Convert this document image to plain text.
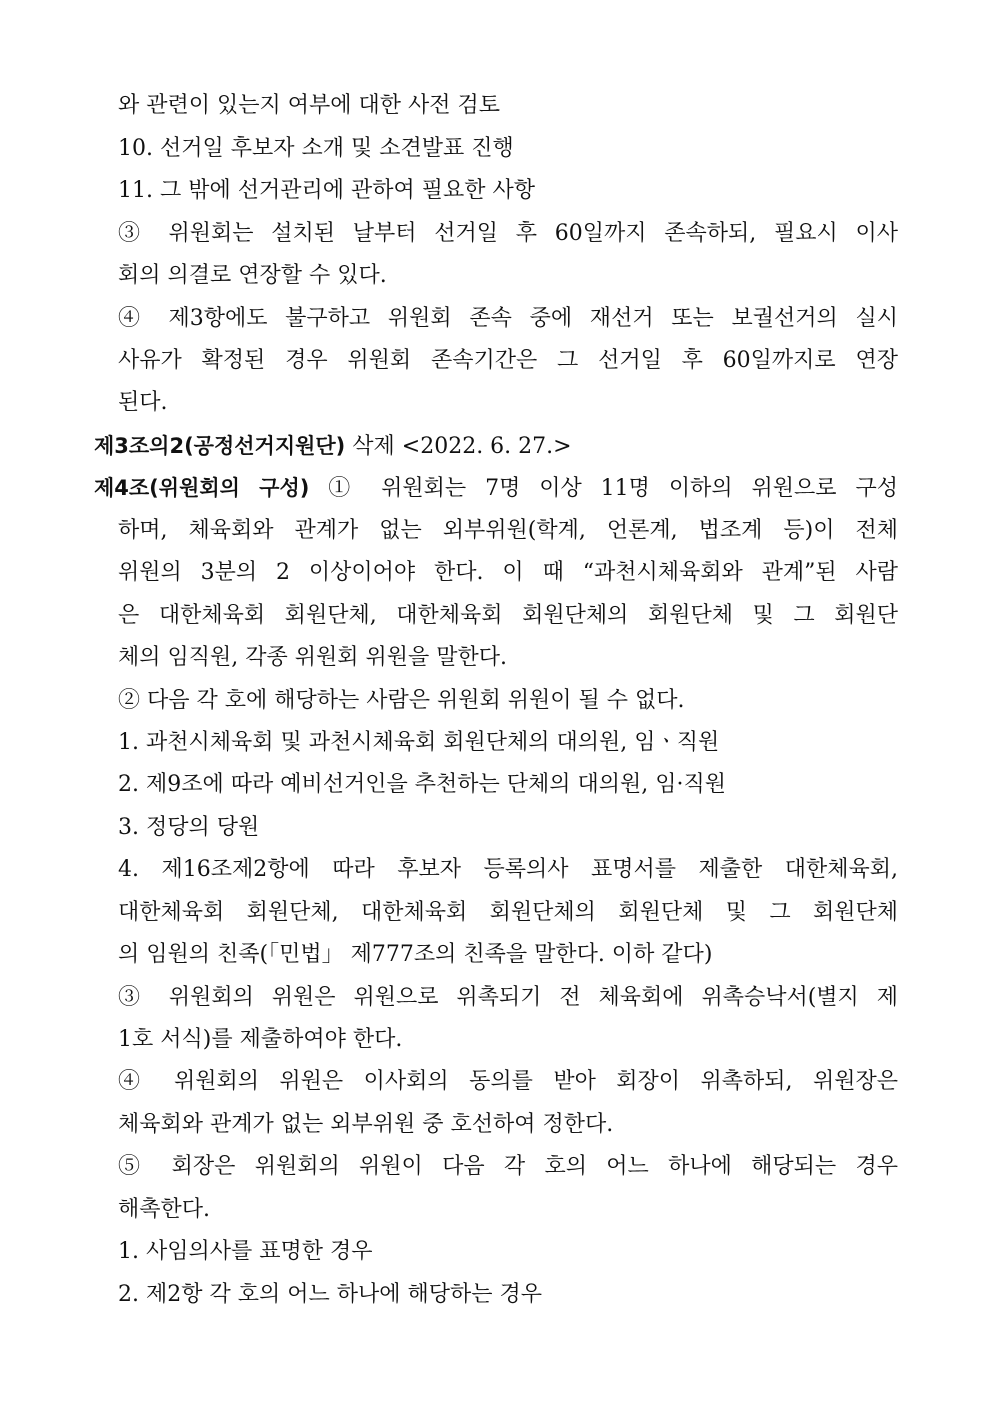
와 관련이 있는지 여부에 대한 사전 검토
10. 선거일 후보자 소개 및 소견발표 진행
11. 그 밖에 선거관리에 관하여 필요한 사항
③ 위원회는 설치된 날부터 선거일 후 60일까지 존속하되, 필요시 이사
회의 의결로 연장할 수 있다.
④ 제3항에도 불구하고 위원회 존속 중에 재선거 또는 보궐선거의 실시
사유가 확정된 경우 위원회 존속기간은 그 선거일 후 60일까지로 연장
된다.
제3조의2(공정선거지원단) 삭제 <2022. 6. 27.>
제4조(위원회의 구성) ① 위원회는 7명 이상 11명 이하의 위원으로 구성
하며, 체육회와 관계가 없는 외부위원(학계, 언론계, 법조계 등)이 전체
위원의 3분의 2 이상이어야 한다. 이 때 “과천시체육회와 관계”된 사람
은 대한체육회 회원단체, 대한체육회 회원단체의 회원단체 및 그 회원단
체의 임직원, 각종 위원회 위원을 말한다.
② 다음 각 호에 해당하는 사람은 위원회 위원이 될 수 없다.
1. 과천시체육회 및 과천시체육회 회원단체의 대의원, 임ㆍ직원
2. 제9조에 따라 예비선거인을 추천하는 단체의 대의원, 임·직원
3. 정당의 당원
4. 제16조제2항에 따라 후보자 등록의사 표명서를 제출한 대한체육회,
대한체육회 회원단체, 대한체육회 회원단체의 회원단체 및 그 회원단체
의 임원의 친족(「민법」 제777조의 친족을 말한다. 이하 같다)
③ 위원회의 위원은 위원으로 위촉되기 전 체육회에 위촉승낙서(별지 제
1호 서식)를 제출하여야 한다.
④ 위원회의 위원은 이사회의 동의를 받아 회장이 위촉하되, 위원장은
체육회와 관계가 없는 외부위원 중 호선하여 정한다.
⑤ 회장은 위원회의 위원이 다음 각 호의 어느 하나에 해당되는 경우
해촉한다.
1. 사임의사를 표명한 경우
2. 제2항 각 호의 어느 하나에 해당하는 경우
